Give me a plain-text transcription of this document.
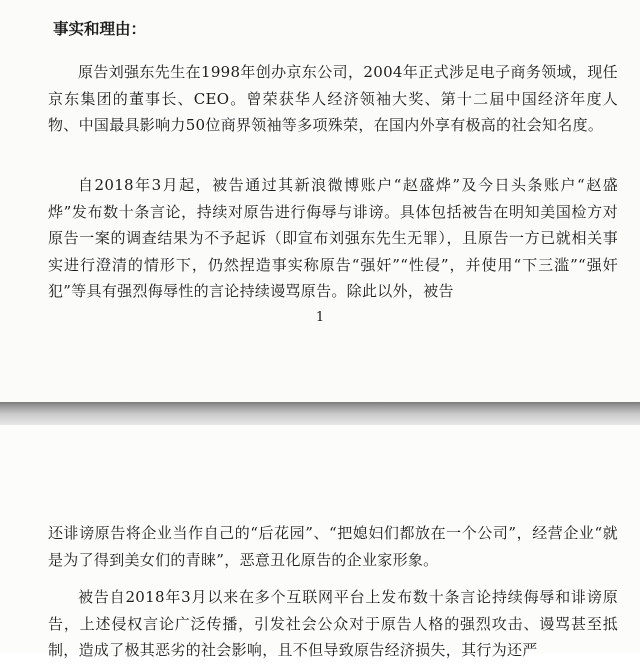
事实和理由：

原告刘强东先生在1998年创办京东公司，2004年正式涉足电子商务领域，现任京东集团的董事长、CEO。曾荣获华人经济领袖大奖、第十二届中国经济年度人物、中国最具影响力50位商界领袖等多项殊荣，在国内外享有极高的社会知名度。

自2018年3月起，被告通过其新浪微博账户“赵盛烨”及今日头条账户“赵盛烨”发布数十条言论，持续对原告进行侮辱与诽谤。具体包括被告在明知美国检方对原告一案的调查结果为不予起诉（即宣布刘强东先生无罪），且原告一方已就相关事实进行澄清的情形下，仍然捏造事实称原告“强奸”“性侵”，并使用“下三滥”“强奸犯”等具有强烈侮辱性的言论持续谩骂原告。除此以外，被告

1

还诽谤原告将企业当作自己的“后花园”、“把媳妇们都放在一个公司”，经营企业“就是为了得到美女们的青睐”，恶意丑化原告的企业家形象。

被告自2018年3月以来在多个互联网平台上发布数十条言论持续侮辱和诽谤原告，上述侵权言论广泛传播，引发社会公众对于原告人格的强烈攻击、谩骂甚至抵制，造成了极其恶劣的社会影响，且不但导致原告经济损失，其行为还严
